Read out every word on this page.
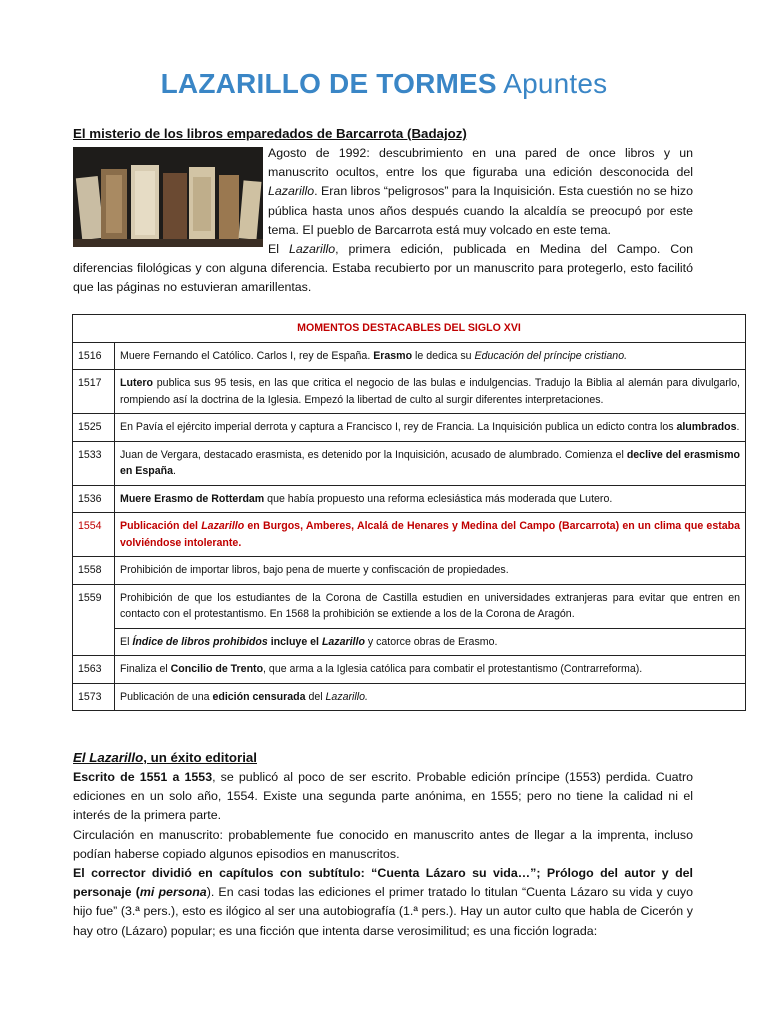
LAZARILLO DE TORMES Apuntes
El misterio de los libros emparedados de Barcarrota (Badajoz)
Agosto de 1992: descubrimiento en una pared de once libros y un manuscrito ocultos, entre los que figuraba una edición desconocida del Lazarillo. Eran libros “peligrosos” para la Inquisición. Esta cuestión no se hizo pública hasta unos años después cuando la alcaldía se preocupó por este tema. El pueblo de Barcarrota está muy volcado en este tema.
El Lazarillo, primera edición, publicada en Medina del Campo. Con diferencias filológicas y con alguna diferencia. Estaba recubierto por un manuscrito para protegerlo, esto facilitó que las páginas no estuvieran amarillentas.
MOMENTOS DESTACABLES DEL SIGLO XVI	
1516	Muere Fernando el Católico. Carlos I, rey de España. Erasmo le dedica su Educación del príncipe cristiano.
1517	Lutero publica sus 95 tesis, en las que critica el negocio de las bulas e indulgencias. Tradujo la Biblia al alemán para divulgarlo, rompiendo así la doctrina de la Iglesia. Empezó la libertad de culto al surgir diferentes interpretaciones.
1525	En Pavía el ejército imperial derrota y captura a Francisco I, rey de Francia. La Inquisición publica un edicto contra los alumbrados.
1533	Juan de Vergara, destacado erasmista, es detenido por la Inquisición, acusado de alumbrado. Comienza el declive del erasmismo en España.
1536	Muere Erasmo de Rotterdam que había propuesto una reforma eclesiástica más moderada que Lutero.
1554	Publicación del Lazarillo en Burgos, Amberes, Alcalá de Henares y Medina del Campo (Barcarrota) en un clima que estaba volviéndose intolerante.
1558	Prohibición de importar libros, bajo pena de muerte y confiscación de propiedades.
1559	Prohibición de que los estudiantes de la Corona de Castilla estudien en universidades extranjeras para evitar que entren en contacto con el protestantismo. En 1568 la prohibición se extiende a los de la Corona de Aragón.
	El Índice de libros prohibidos incluye el Lazarillo y catorce obras de Erasmo.
1563	Finaliza el Concilio de Trento, que arma a la Iglesia católica para combatir el protestantismo (Contrarreforma).
1573	Publicación de una edición censurada del Lazarillo.
El Lazarillo, un éxito editorial
Escrito de 1551 a 1553, se publicó al poco de ser escrito. Probable edición príncipe (1553) perdida. Cuatro ediciones en un solo año, 1554. Existe una segunda parte anónima, en 1555; pero no tiene la calidad ni el interés de la primera parte.
Circulación en manuscrito: probablemente fue conocido en manuscrito antes de llegar a la imprenta, incluso podían haberse copiado algunos episodios en manuscritos.
El corrector dividió en capítulos con subtítulo: “Cuenta Lázaro su vida…”; Prólogo del autor y del personaje (mi persona). En casi todas las ediciones el primer tratado lo titulan “Cuenta Lázaro su vida y cuyo hijo fue” (3.ª pers.), esto es ilógico al ser una autobiografía (1.ª pers.). Hay un autor culto que habla de Cicerón y hay otro (Lázaro) popular; es una ficción que intenta darse verosimilitud; es una ficción lograda:
